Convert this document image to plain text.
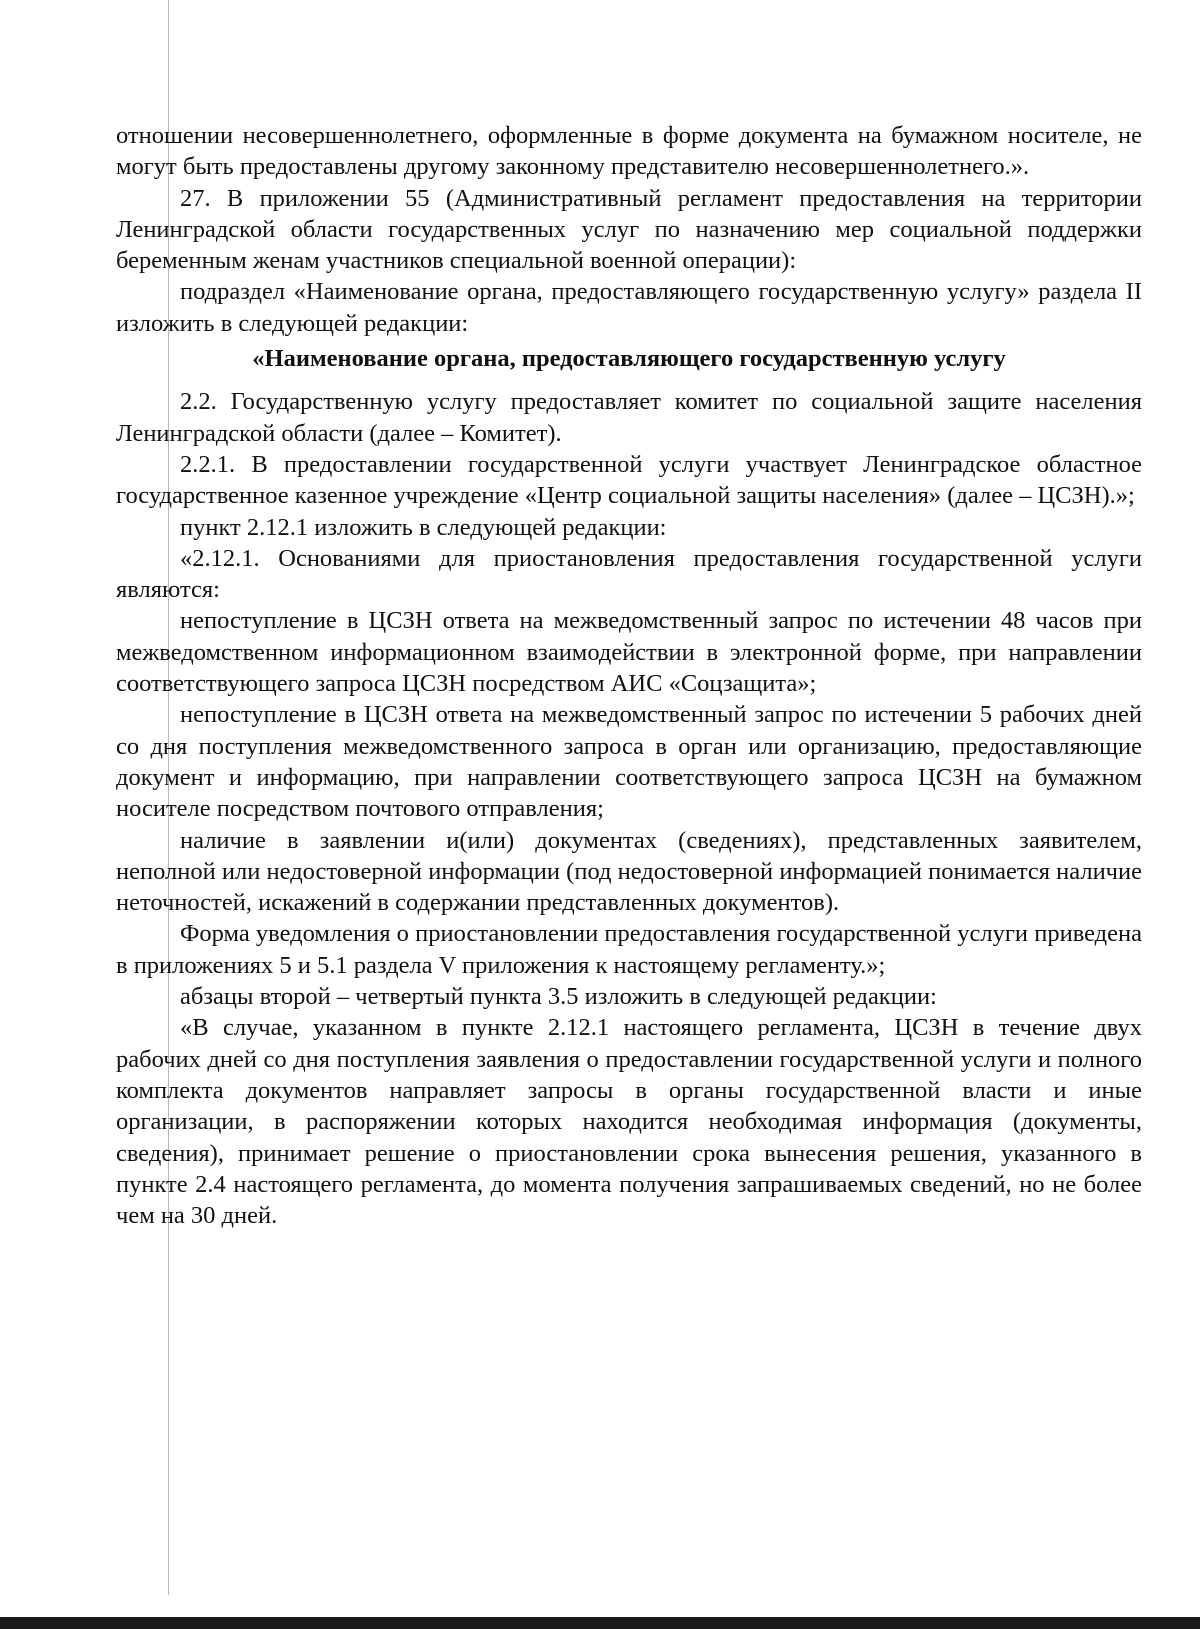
отношении несовершеннолетнего, оформленные в форме документа на бумажном носителе, не могут быть предоставлены другому законному представителю несовершеннолетнего.».

27. В приложении 55 (Административный регламент предоставления на территории Ленинградской области государственных услуг по назначению мер социальной поддержки беременным женам участников специальной военной операции):

подраздел «Наименование органа, предоставляющего государственную услугу» раздела II изложить в следующей редакции:

«Наименование органа, предоставляющего государственную услугу

2.2. Государственную услугу предоставляет комитет по социальной защите населения Ленинградской области (далее – Комитет).

2.2.1. В предоставлении государственной услуги участвует Ленинградское областное государственное казенное учреждение «Центр социальной защиты населения» (далее – ЦСЗН).»;

пункт 2.12.1 изложить в следующей редакции:

«2.12.1. Основаниями для приостановления предоставления государственной услуги являются:

непоступление в ЦСЗН ответа на межведомственный запрос по истечении 48 часов при межведомственном информационном взаимодействии в электронной форме, при направлении соответствующего запроса ЦСЗН посредством АИС «Соцзащита»;

непоступление в ЦСЗН ответа на межведомственный запрос по истечении 5 рабочих дней со дня поступления межведомственного запроса в орган или организацию, предоставляющие документ и информацию, при направлении соответствующего запроса ЦСЗН на бумажном носителе посредством почтового отправления;

наличие в заявлении и(или) документах (сведениях), представленных заявителем, неполной или недостоверной информации (под недостоверной информацией понимается наличие неточностей, искажений в содержании представленных документов).

Форма уведомления о приостановлении предоставления государственной услуги приведена в приложениях 5 и 5.1 раздела V приложения к настоящему регламенту.»;

абзацы второй – четвертый пункта 3.5 изложить в следующей редакции:

«В случае, указанном в пункте 2.12.1 настоящего регламента, ЦСЗН в течение двух рабочих дней со дня поступления заявления о предоставлении государственной услуги и полного комплекта документов направляет запросы в органы государственной власти и иные организации, в распоряжении которых находится необходимая информация (документы, сведения), принимает решение о приостановлении срока вынесения решения, указанного в пункте 2.4 настоящего регламента, до момента получения запрашиваемых сведений, но не более чем на 30 дней.
